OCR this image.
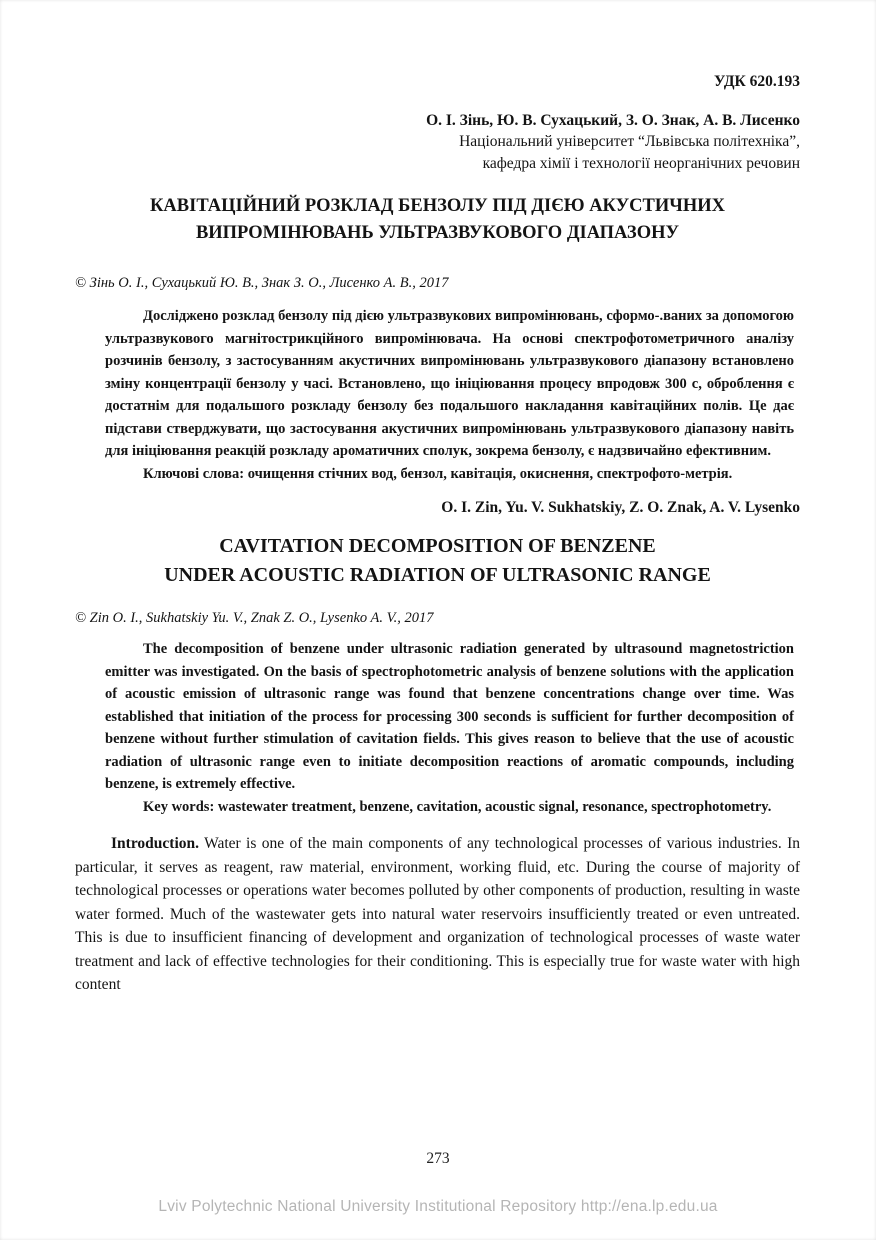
УДК 620.193
О. І. Зінь, Ю. В. Сухацький, З. О. Знак, А. В. Лисенко
Національний університет “Львівська політехніка”,
кафедра хімії і технології неорганічних речовин
КАВІТАЦІЙНИЙ РОЗКЛАД БЕНЗОЛУ ПІД ДІЄЮ АКУСТИЧНИХ
ВИПРОМІНЮВАНЬ УЛЬТРАЗВУКОВОГО ДІАПАЗОНУ
© Зінь О. І., Сухацький Ю. В., Знак З. О., Лисенко А. В., 2017

Досліджено розклад бензолу під дією ультразвукових випромінювань, сформо-.ваних за допомогою ультразвукового магнітострикційного випромінювача. На основі спектрофотометричного аналізу розчинів бензолу, з застосуванням акустичних випромінювань ультразвукового діапазону встановлено зміну концентрації бензолу у часі. Встановлено, що ініціювання процесу впродовж 300 с, оброблення є достатнім для подальшого розкладу бензолу без подальшого накладання кавітаційних полів. Це дає підстави стверджувати, що застосування акустичних випромінювань ультразвукового діапазону навіть для ініціювання реакцій розкладу ароматичних сполук, зокрема бензолу, є надзвичайно ефективним.

Ключові слова: очищення стічних вод, бензол, кавітація, окиснення, спектрофото-метрія.

O. I. Zin, Yu. V. Sukhatskiy, Z. O. Znak, A. V. Lysenko
CAVITATION DECOMPOSITION OF BENZENE
UNDER ACOUSTIC RADIATION OF ULTRASONIC RANGE
© Zin O. I., Sukhatskiy Yu. V., Znak Z. O., Lysenko A. V., 2017

The decomposition of benzene under ultrasonic radiation generated by ultrasound magnetostriction emitter was investigated. On the basis of spectrophotometric analysis of benzene solutions with the application of acoustic emission of ultrasonic range was found that benzene concentrations change over time. Was established that initiation of the process for processing 300 seconds is sufficient for further decomposition of benzene without further stimulation of cavitation fields. This gives reason to believe that the use of acoustic radiation of ultrasonic range even to initiate decomposition reactions of aromatic compounds, including benzene, is extremely effective.

Key words: wastewater treatment, benzene, cavitation, acoustic signal, resonance, spectrophotometry.

Introduction. Water is one of the main components of any technological processes of various industries. In particular, it serves as reagent, raw material, environment, working fluid, etc. During the course of majority of technological processes or operations water becomes polluted by other components of production, resulting in waste water formed. Much of the wastewater gets into natural water reservoirs insufficiently treated or even untreated. This is due to insufficient financing of development and organization of technological processes of waste water treatment and lack of effective technologies for their conditioning. This is especially true for waste water with high content

273
Lviv Polytechnic National University Institutional Repository http://ena.lp.edu.ua
